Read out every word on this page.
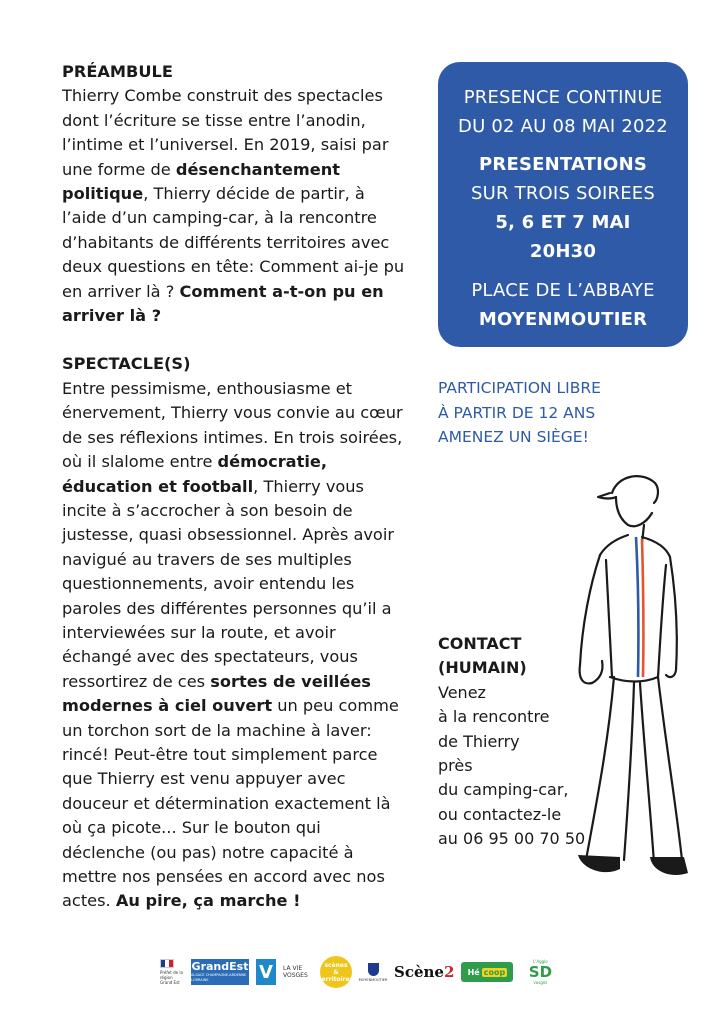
PRÉAMBULE

Thierry Combe construit des spectacles dont l’écriture se tisse entre l’anodin, l’intime et l’universel. En 2019, saisi par une forme de désenchantement politique, Thierry décide de partir, à l’aide d’un camping-car, à la rencontre d’habitants de différents territoires avec deux questions en tête: Comment ai-je pu en arriver là ? Comment a-t-on pu en arriver là ?

SPECTACLE(S)

Entre pessimisme, enthousiasme et énervement, Thierry vous convie au cœur de ses réflexions intimes. En trois soirées, où il slalome entre démocratie, éducation et football, Thierry vous incite à s’accrocher à son besoin de justesse, quasi obsessionnel. Après avoir navigué au travers de ses multiples questionnements, avoir entendu les paroles des différentes personnes qu’il a interviewées sur la route, et avoir échangé avec des spectateurs, vous ressortirez de ces sortes de veillées modernes à ciel ouvert un peu comme un torchon sort de la machine à laver: rincé! Peut-être tout simplement parce que Thierry est venu appuyer avec douceur et détermination exactement là où ça picote... Sur le bouton qui déclenche (ou pas) notre capacité à mettre nos pensées en accord avec nos actes. Au pire, ça marche !

PRESENCE CONTINUE
DU 02 AU 08 MAI 2022
PRESENTATIONS
SUR TROIS SOIREES
5, 6 ET 7 MAI
20H30
PLACE DE L’ABBAYE
MOYENMOUTIER
PARTICIPATION LIBRE
À PARTIR DE 12 ANS
AMENEZ UN SIÈGE!
CONTACT
(HUMAIN)
Venez
à la rencontre
de Thierry
près
du camping-car,
ou contactez-le
au 06 95 00 70 50
Préfet de la région Grand Est
GrandEst
ALSACE CHAMPAGNE-ARDENNE LORRAINE	V	LA VIE
VOSGES
scènes
& territoires MOYENMOUTIER Scène 2 Hé coop
L'Agglo
SD
vosges
